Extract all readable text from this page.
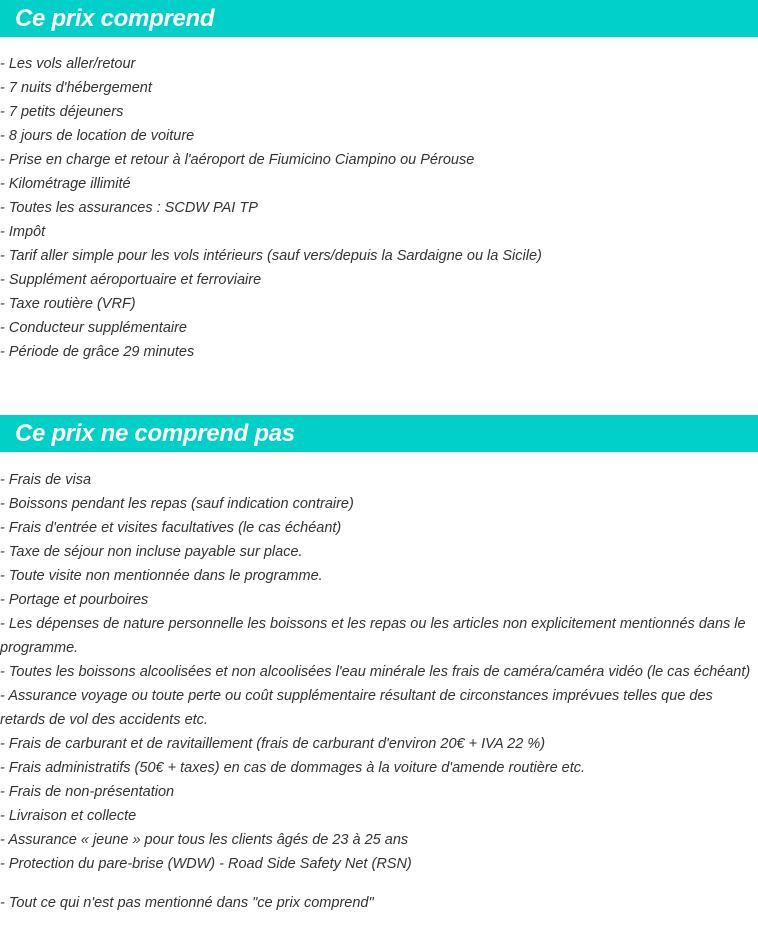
Ce prix comprend
- Les vols aller/retour
- 7 nuits d'hébergement
- 7 petits déjeuners
- 8 jours de location de voiture
- Prise en charge et retour à l'aéroport de Fiumicino Ciampino ou Pérouse
- Kilométrage illimité
- Toutes les assurances : SCDW PAI TP
- Impôt
- Tarif aller simple pour les vols intérieurs (sauf vers/depuis la Sardaigne ou la Sicile)
- Supplément aéroportuaire et ferroviaire
- Taxe routière (VRF)
- Conducteur supplémentaire
- Période de grâce 29 minutes
Ce prix ne comprend pas
- Frais de visa
- Boissons pendant les repas (sauf indication contraire)
- Frais d'entrée et visites facultatives (le cas échéant)
- Taxe de séjour non incluse payable sur place.
- Toute visite non mentionnée dans le programme.
- Portage et pourboires
- Les dépenses de nature personnelle les boissons et les repas ou les articles non explicitement mentionnés dans le programme.
- Toutes les boissons alcoolisées et non alcoolisées l'eau minérale les frais de caméra/caméra vidéo (le cas échéant)
- Assurance voyage ou toute perte ou coût supplémentaire résultant de circonstances imprévues telles que des retards de vol des accidents etc.
- Frais de carburant et de ravitaillement (frais de carburant d'environ 20€ + IVA 22 %)
- Frais administratifs (50€ + taxes) en cas de dommages à la voiture d'amende routière etc.
- Frais de non-présentation
- Livraison et collecte
- Assurance « jeune » pour tous les clients âgés de 23 à 25 ans
- Protection du pare-brise (WDW) - Road Side Safety Net (RSN)

- Tout ce qui n'est pas mentionné dans "ce prix comprend"
